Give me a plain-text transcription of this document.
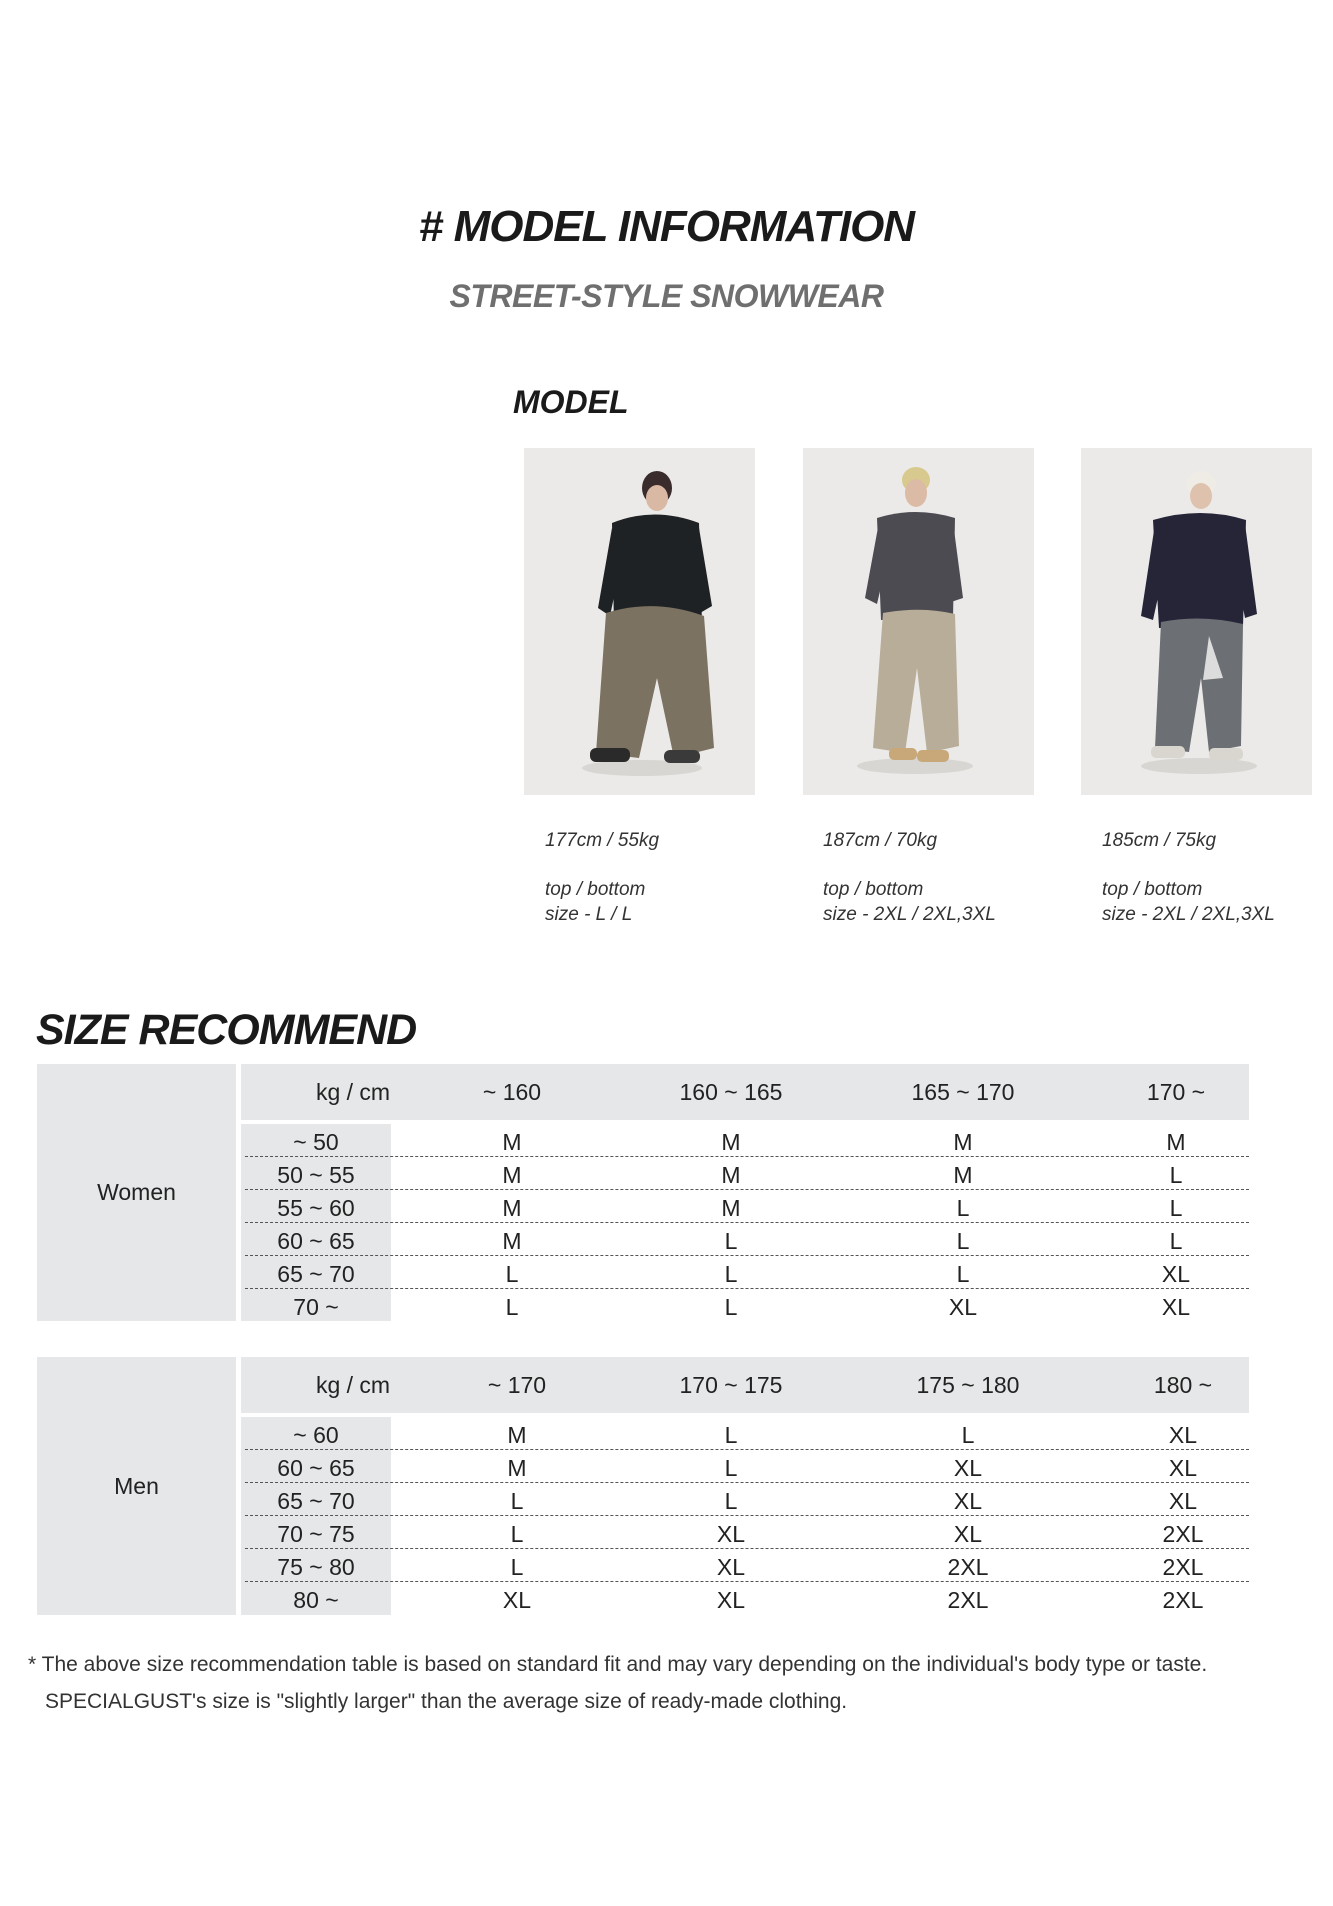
# MODEL INFORMATION
STREET-STYLE SNOWWEAR
MODEL
177cm / 55kg
top / bottom
size - L / L
187cm / 70kg
top / bottom
size - 2XL / 2XL,3XL
185cm / 75kg
top / bottom
size - 2XL / 2XL,3XL
SIZE RECOMMEND
Women
kg / cm	~ 160	160 ~ 165	165 ~ 170	170 ~
~ 50	M	M	M	M
50 ~ 55	M	M	M	L
55 ~ 60	M	M	L	L
60 ~ 65	M	L	L	L
65 ~ 70	L	L	L	XL
70 ~	L	L	XL	XL
Men
kg / cm	~ 170	170 ~ 175	175 ~ 180	180 ~
~ 60	M	L	L	XL
60 ~ 65	M	L	XL	XL
65 ~ 70	L	L	XL	XL
70 ~ 75	L	XL	XL	2XL
75 ~ 80	L	XL	2XL	2XL
80 ~	XL	XL	2XL	2XL
* The above size recommendation table is based on standard fit and may vary depending on the individual's body type or taste.
SPECIALGUST's size is "slightly larger" than the average size of ready-made clothing.
